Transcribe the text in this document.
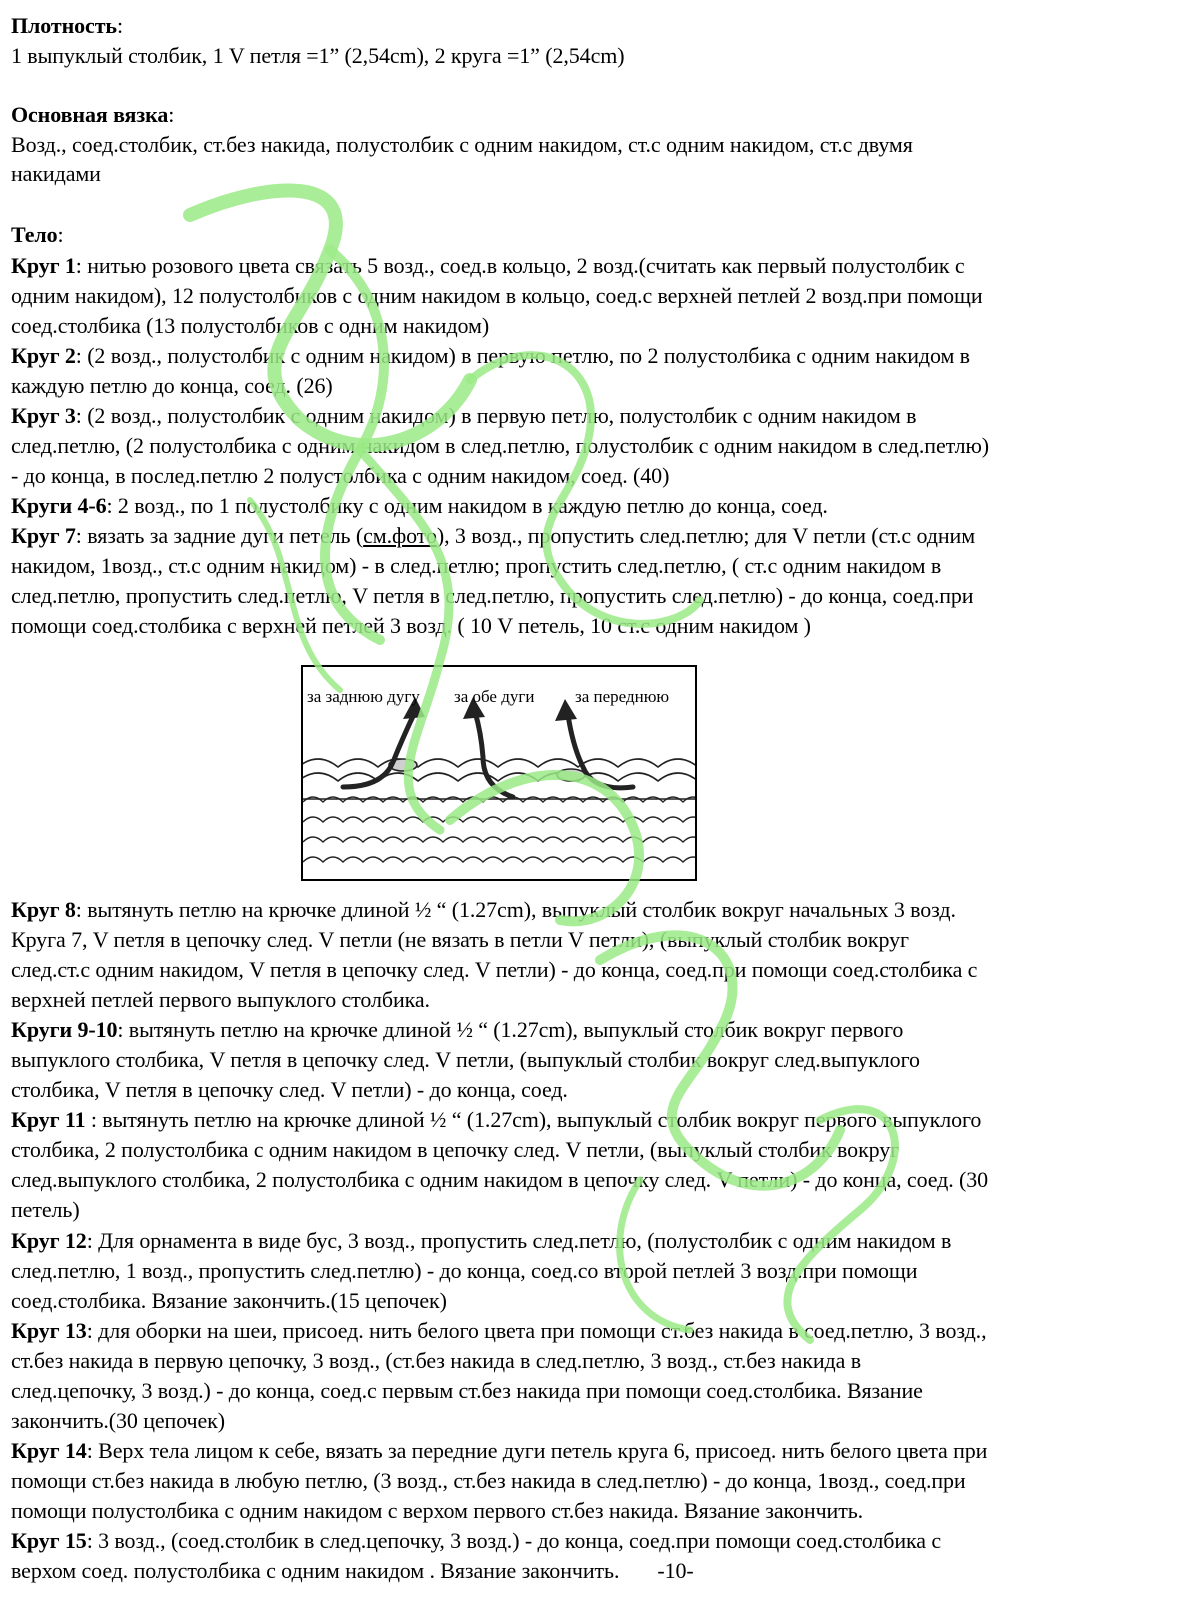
Плотность:
1 выпуклый столбик, 1 V петля =1” (2,54cm), 2 круга =1” (2,54cm)
Основная вязка:
Возд., соед.столбик, ст.без накида, полустолбик с одним накидом, ст.с одним накидом, ст.с двумя
накидами
Тело:
Круг 1: нитью розового цвета связать 5 возд., соед.в кольцо, 2 возд.(считать как первый полустолбик с
одним накидом), 12 полустолбиков с одним накидом в кольцо, соед.с верхней петлей 2 возд.при помощи
соед.столбика (13 полустолбиков с одним накидом)
Круг 2: (2 возд., полустолбик с одним накидом) в первую петлю, по 2 полустолбика с одним накидом в
каждую петлю до конца, соед. (26)
Круг 3: (2 возд., полустолбик с одним накидом) в первую петлю, полустолбик с одним накидом в
след.петлю, (2 полустолбика с одним накидом в след.петлю, полустолбик с одним накидом в след.петлю)
- до конца, в послед.петлю 2 полустолбика с одним накидом, соед. (40)
Круги 4-6: 2 возд., по 1 полустолбику с одним накидом в каждую петлю до конца, соед.
Круг 7: вязать за задние дуги петель (см.фото), 3 возд., пропустить след.петлю; для V петли (ст.с одним
накидом, 1возд., ст.с одним накидом) - в след.петлю; пропустить след.петлю, ( ст.с одним накидом в
след.петлю, пропустить след.петлю, V петля в след.петлю, пропустить след.петлю) - до конца, соед.при
помощи соед.столбика с верхней петлей 3 возд. ( 10 V петель, 10 ст.с одним накидом )
за заднюю дугу за обе дуги за переднюю
Круг 8: вытянуть петлю на крючке длиной ½ “ (1.27cm), выпуклый столбик вокруг начальных 3 возд.
Круга 7, V петля в цепочку след. V петли (не вязать в петли V петли), (выпуклый столбик вокруг
след.ст.с одним накидом, V петля в цепочку след. V петли) - до конца, соед.при помощи соед.столбика с
верхней петлей первого выпуклого столбика.
Круги 9-10: вытянуть петлю на крючке длиной ½ “ (1.27cm), выпуклый столбик вокруг первого
выпуклого столбика, V петля в цепочку след. V петли, (выпуклый столбик вокруг след.выпуклого
столбика, V петля в цепочку след. V петли) - до конца, соед.
Круг 11 : вытянуть петлю на крючке длиной ½ “ (1.27cm), выпуклый столбик вокруг первого выпуклого
столбика, 2 полустолбика с одним накидом в цепочку след. V петли, (выпуклый столбик вокруг
след.выпуклого столбика, 2 полустолбика с одним накидом в цепочку след. V петли) - до конца, соед. (30
петель)
Круг 12: Для орнамента в виде бус, 3 возд., пропустить след.петлю, (полустолбик с одним накидом в
след.петлю, 1 возд., пропустить след.петлю) - до конца, соед.со второй петлей 3 возд.при помощи
соед.столбика. Вязание закончить.(15 цепочек)
Круг 13: для оборки на шеи, присоед. нить белого цвета при помощи ст.без накида в соед.петлю, 3 возд.,
ст.без накида в первую цепочку, 3 возд., (ст.без накида в след.петлю, 3 возд., ст.без накида в
след.цепочку, 3 возд.) - до конца, соед.с первым ст.без накида при помощи соед.столбика. Вязание
закончить.(30 цепочек)
Круг 14: Верх тела лицом к себе, вязать за передние дуги петель круга 6, присоед. нить белого цвета при
помощи ст.без накида в любую петлю, (3 возд., ст.без накида в след.петлю) - до конца, 1возд., соед.при
помощи полустолбика с одним накидом с верхом первого ст.без накида. Вязание закончить.
Круг 15: 3 возд., (соед.столбик в след.цепочку, 3 возд.) - до конца, соед.при помощи соед.столбика с
верхом соед. полустолбика с одним накидом . Вязание закончить. -10-
